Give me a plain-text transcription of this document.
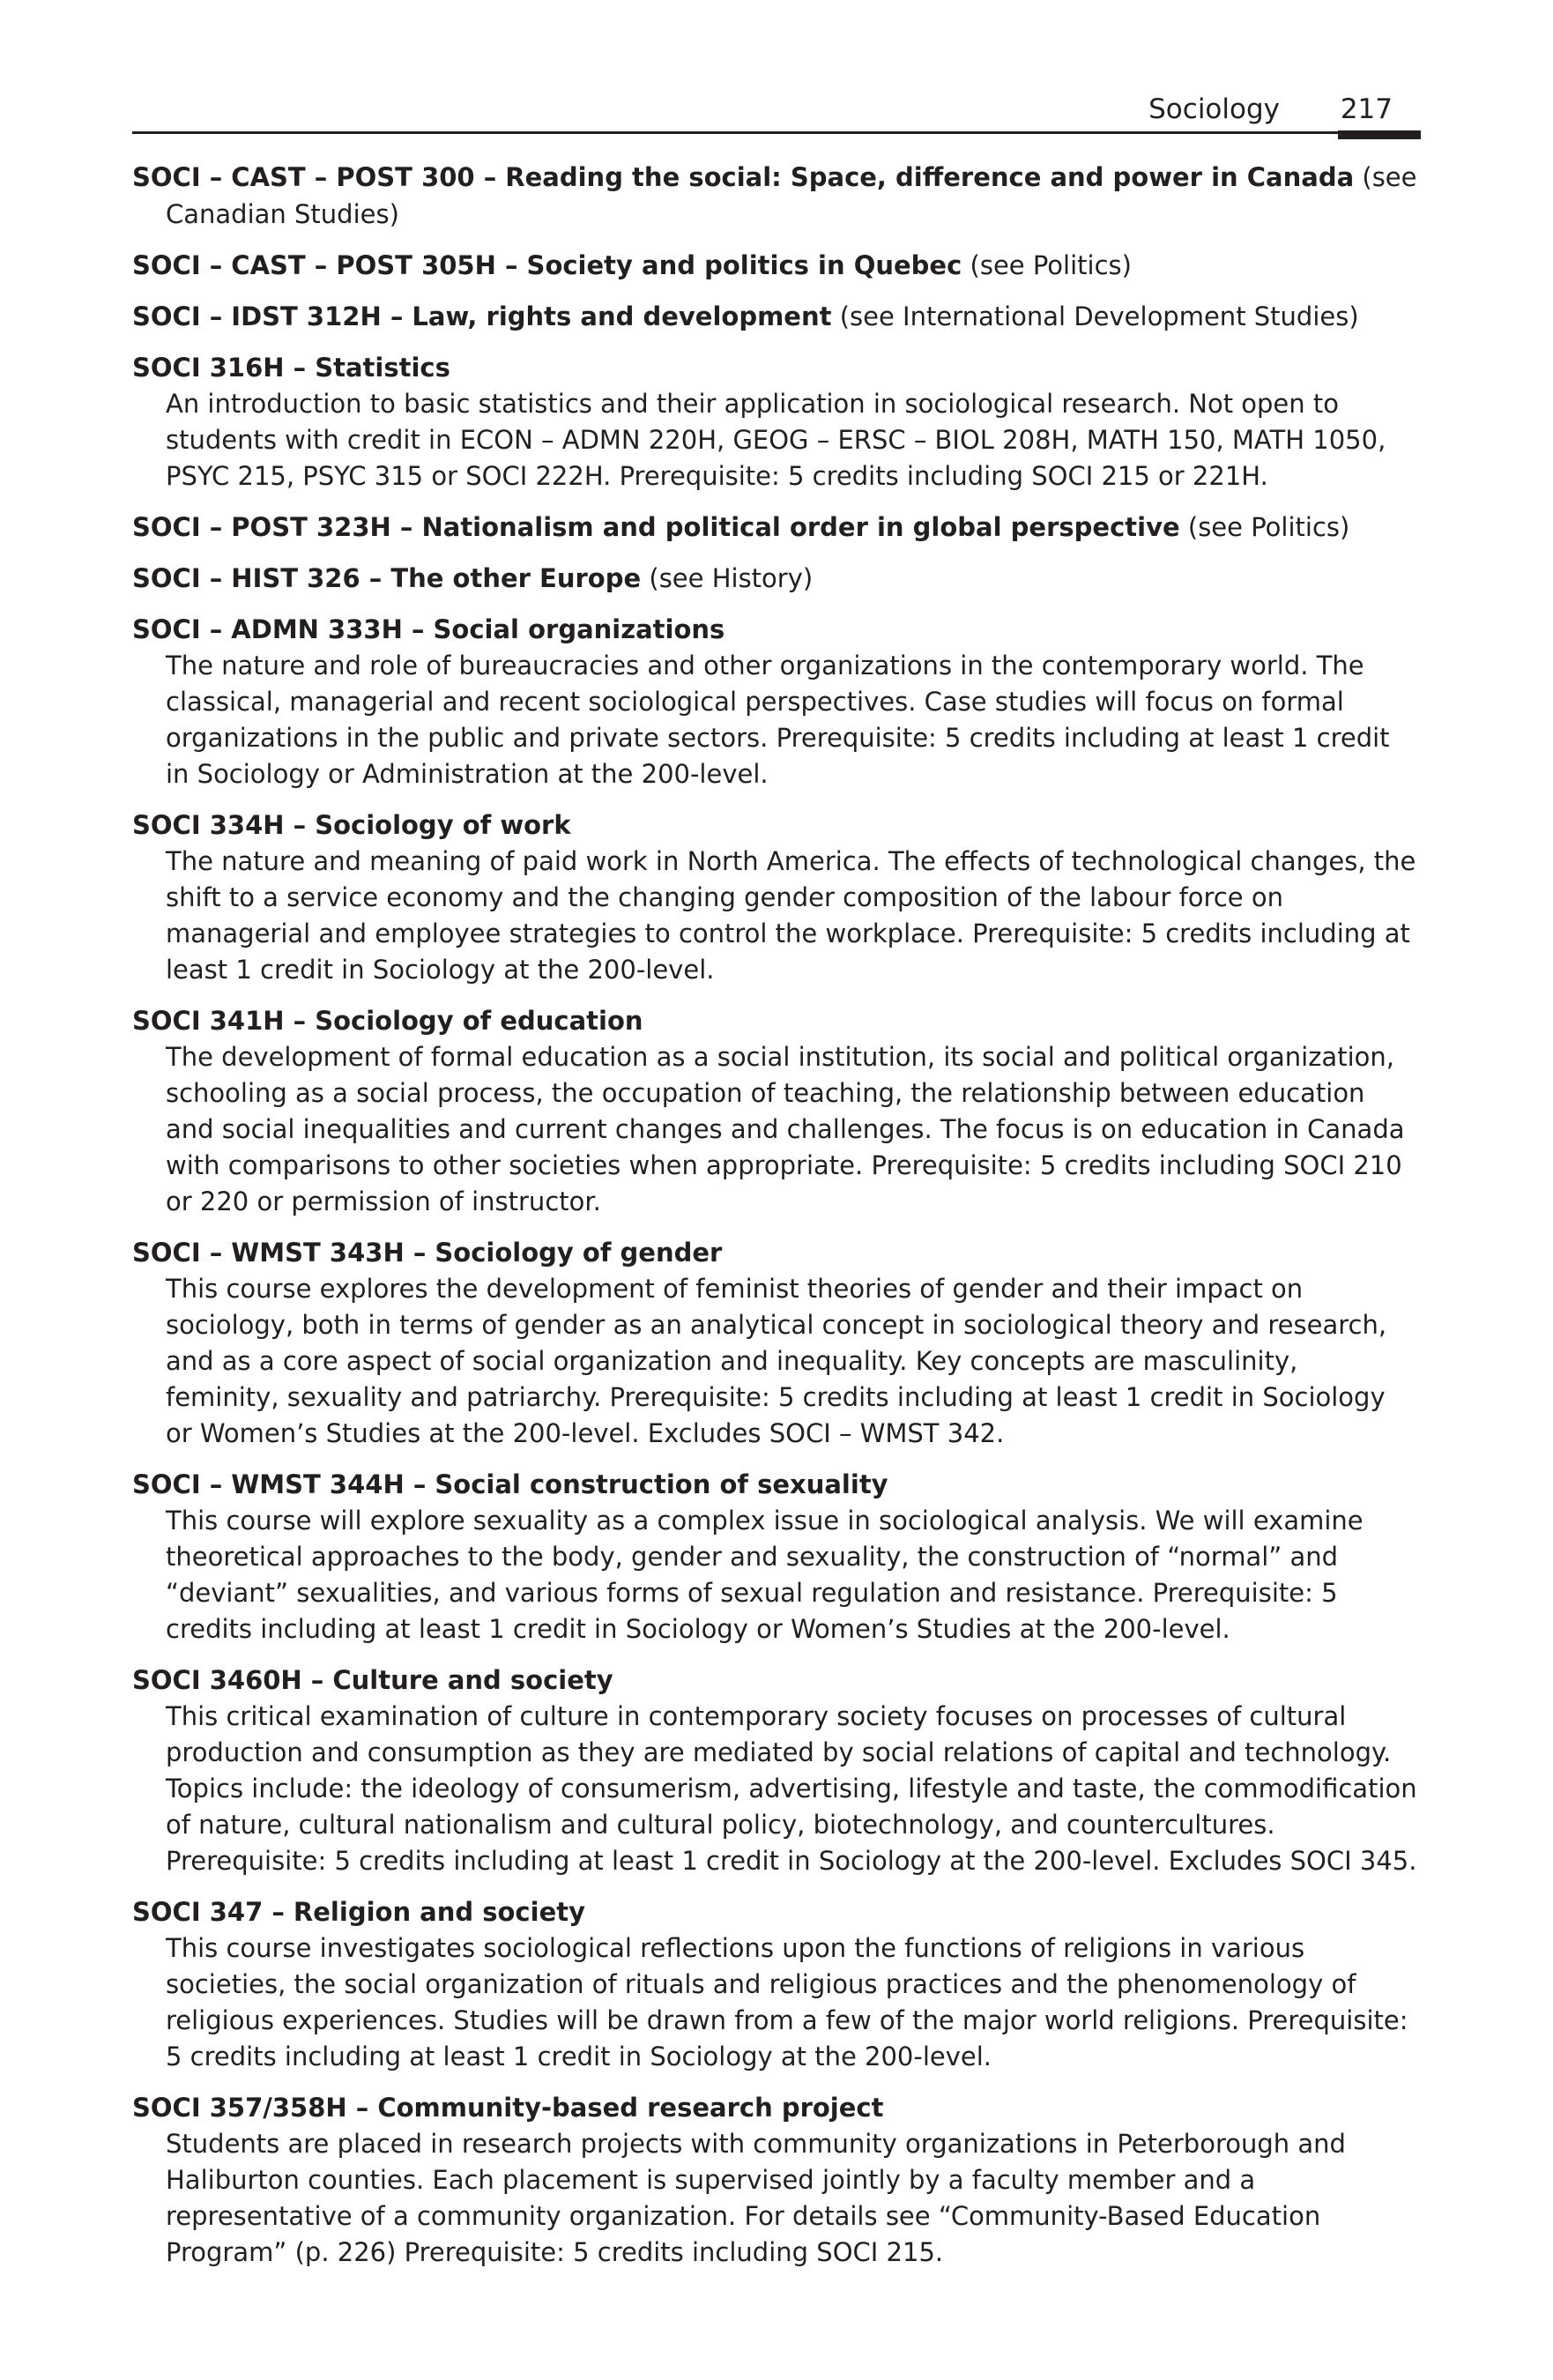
Sociology 217
SOCI – CAST – POST 300 – Reading the social: Space, difference and power in Canada (see Canadian Studies)
SOCI – CAST – POST 305H – Society and politics in Quebec (see Politics)
SOCI – IDST 312H – Law, rights and development (see International Development Studies)
SOCI 316H – Statistics
An introduction to basic statistics and their application in sociological research. Not open to students with credit in ECON – ADMN 220H, GEOG – ERSC – BIOL 208H, MATH 150, MATH 1050, PSYC 215, PSYC 315 or SOCI 222H. Prerequisite: 5 credits including SOCI 215 or 221H.
SOCI – POST 323H – Nationalism and political order in global perspective (see Politics)
SOCI – HIST 326 – The other Europe (see History)
SOCI – ADMN 333H – Social organizations
The nature and role of bureaucracies and other organizations in the contemporary world. The classical, managerial and recent sociological perspectives. Case studies will focus on formal organizations in the public and private sectors. Prerequisite: 5 credits including at least 1 credit in Sociology or Administration at the 200-level.
SOCI 334H – Sociology of work
The nature and meaning of paid work in North America. The effects of technological changes, the shift to a service economy and the changing gender composition of the labour force on managerial and employee strategies to control the workplace. Prerequisite: 5 credits including at least 1 credit in Sociology at the 200-level.
SOCI 341H – Sociology of education
The development of formal education as a social institution, its social and political organization, schooling as a social process, the occupation of teaching, the relationship between education and social inequalities and current changes and challenges. The focus is on education in Canada with comparisons to other societies when appropriate. Prerequisite: 5 credits including SOCI 210 or 220 or permission of instructor.
SOCI – WMST 343H – Sociology of gender
This course explores the development of feminist theories of gender and their impact on sociology, both in terms of gender as an analytical concept in sociological theory and research, and as a core aspect of social organization and inequality. Key concepts are masculinity, feminity, sexuality and patriarchy. Prerequisite: 5 credits including at least 1 credit in Sociology or Women’s Studies at the 200-level. Excludes SOCI – WMST 342.
SOCI – WMST 344H – Social construction of sexuality
This course will explore sexuality as a complex issue in sociological analysis. We will examine theoretical approaches to the body, gender and sexuality, the construction of “normal” and “deviant” sexualities, and various forms of sexual regulation and resistance. Prerequisite: 5 credits including at least 1 credit in Sociology or Women’s Studies at the 200-level.
SOCI 3460H – Culture and society
This critical examination of culture in contemporary society focuses on processes of cultural production and consumption as they are mediated by social relations of capital and technology. Topics include: the ideology of consumerism, advertising, lifestyle and taste, the commodification of nature, cultural nationalism and cultural policy, biotechnology, and countercultures. Prerequisite: 5 credits including at least 1 credit in Sociology at the 200-level. Excludes SOCI 345.
SOCI 347 – Religion and society
This course investigates sociological reflections upon the functions of religions in various societies, the social organization of rituals and religious practices and the phenomenology of religious experiences. Studies will be drawn from a few of the major world religions. Prerequisite: 5 credits including at least 1 credit in Sociology at the 200-level.
SOCI 357/358H – Community-based research project
Students are placed in research projects with community organizations in Peterborough and Haliburton counties. Each placement is supervised jointly by a faculty member and a representative of a community organization. For details see “Community-Based Education Program” (p. 226) Prerequisite: 5 credits including SOCI 215.
